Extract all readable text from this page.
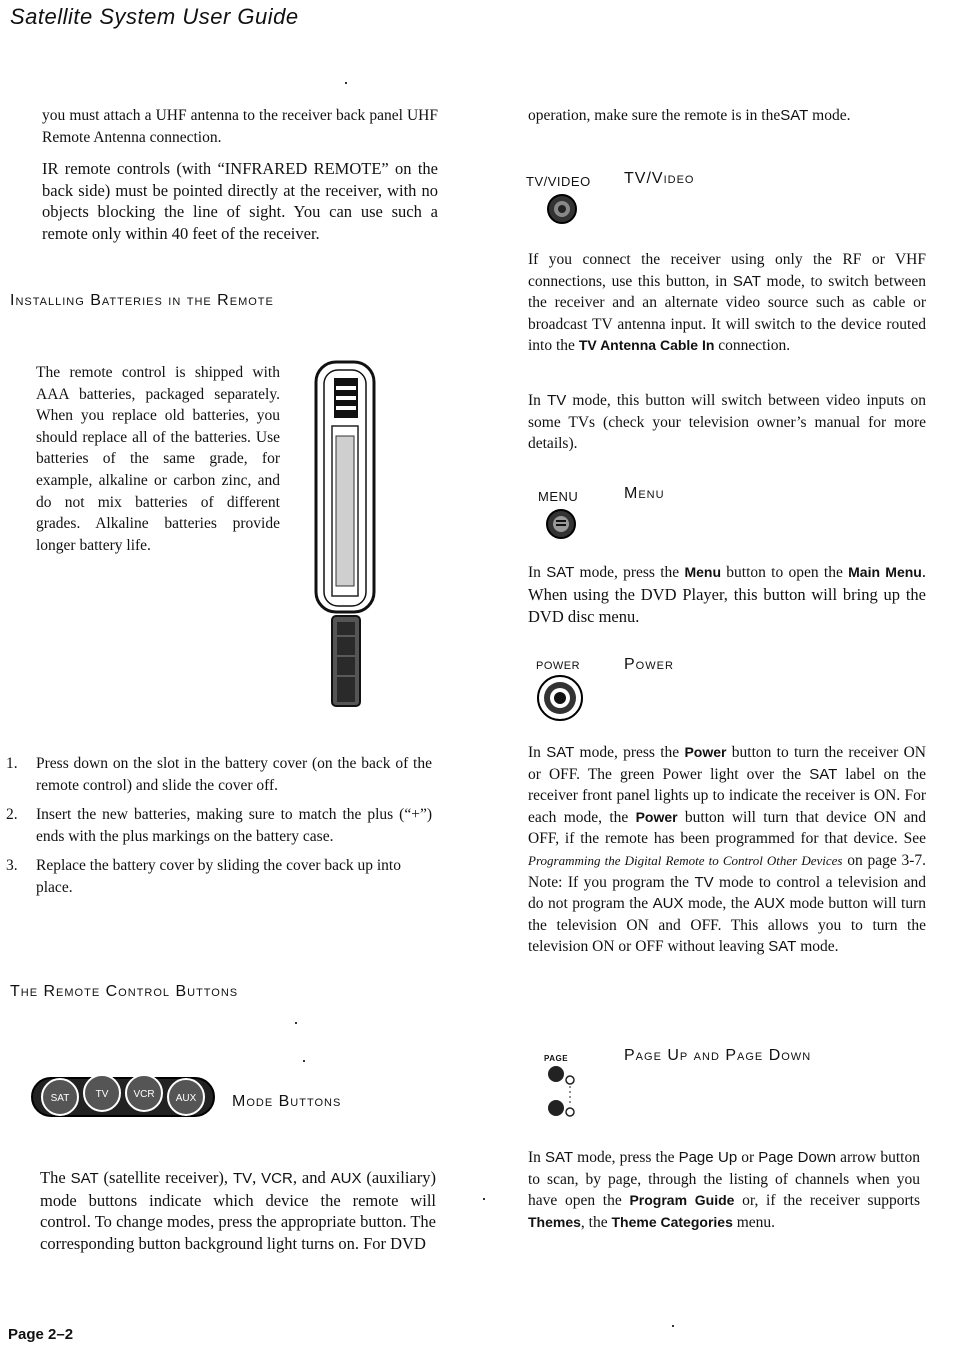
Satellite System User Guide

you must attach a UHF antenna to the receiver back panel UHF Remote Antenna connection.

IR remote controls (with “INFRARED REMOTE” on the back side) must be pointed directly at the receiver, with no objects blocking the line of sight. You can use such a remote only within 40 feet of the receiver.

Installing Batteries in the Remote

The remote control is shipped with AAA batteries, packaged separately. When you replace old batteries, you should replace all of the batteries. Use batteries of the same grade, for example, alkaline or carbon zinc, and do not mix batteries of different grades. Alkaline batteries provide longer battery life.

1.	Press down on the slot in the battery cover (on the back of the remote control) and slide the cover off.

2.	Insert the new batteries, making sure to match the plus (“+”) ends with the plus markings on the battery case.

3.	Replace the battery cover by sliding the cover back up into place.

The Remote Control Buttons
SAT	TV	VCR AUX Mode Buttons

The SAT (satellite receiver), TV, VCR, and AUX (auxiliary) mode buttons indicate which device the remote will control. To change modes, press the appropriate button. The corresponding button background light turns on. For DVD

operation, make sure the remote is in theSAT mode.

TV/VIDEO TV/Video

If you connect the receiver using only the RF or VHF connections, use this button, in SAT mode, to switch between the receiver and an alternate video source such as cable or broadcast TV antenna input. It will switch to the device routed into the TV Antenna Cable In connection.

In TV mode, this button will switch between video inputs on some TVs (check your television owner’s manual for more details).

MENU	Menu

In SAT mode, press the Menu button to open the Main Menu. When using the DVD Player, this button will bring up the DVD disc menu.

POWER	Power

In SAT mode, press the Power button to turn the receiver ON or OFF. The green Power light over the SAT label on the receiver front panel lights up to indicate the receiver is ON. For each mode, the Power button will turn that device ON and OFF, if the remote has been programmed for that device. See Programming the Digital Remote to Control Other Devices on page 3-7. Note: If you program the TV mode to control a television and do not program the AUX mode, the AUX mode button will turn the television ON and OFF. This allows you to turn the television ON or OFF without leaving SAT mode.

PAGE	Page Up and Page Down

In SAT mode, press the Page Up or Page Down arrow button to scan, by page, through the listing of channels when you have open the Program Guide or, if the receiver supports Themes, the Theme Categories menu.

Page 2–2
